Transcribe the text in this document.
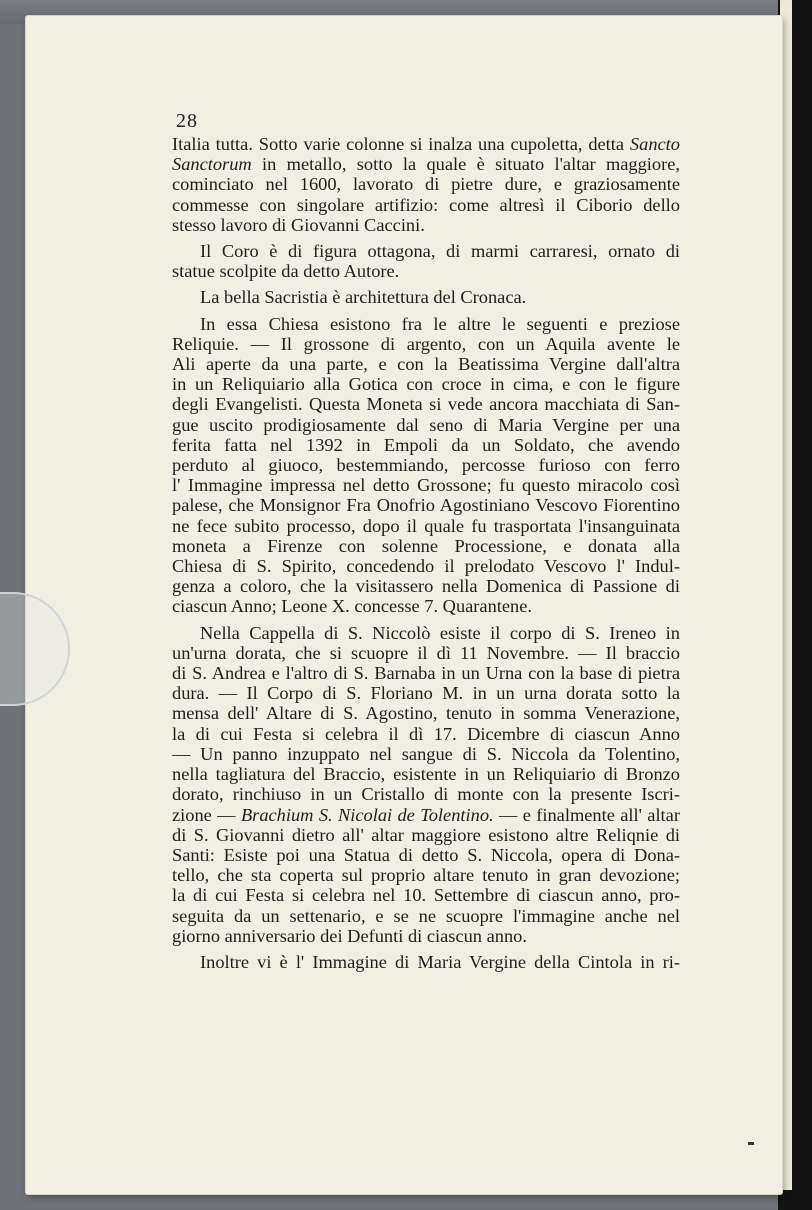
28
Italia tutta. Sotto varie colonne si inalza una cupoletta, detta Sancto
Sanctorum in metallo, sotto la quale è situato l'altar maggiore,
cominciato nel 1600, lavorato di pietre dure, e graziosamente
commesse con singolare artifizio: come altresì il Ciborio dello
stesso lavoro di Giovanni Caccini.
Il Coro è di figura ottagona, di marmi carraresi, ornato di
statue scolpite da detto Autore.
La bella Sacristia è architettura del Cronaca.
In essa Chiesa esistono fra le altre le seguenti e preziose
Reliquie. — Il grossone di argento, con un Aquila avente le
Ali aperte da una parte, e con la Beatissima Vergine dall'altra
in un Reliquiario alla Gotica con croce in cima, e con le figure
degli Evangelisti. Questa Moneta si vede ancora macchiata di San-
gue uscito prodigiosamente dal seno di Maria Vergine per una
ferita fatta nel 1392 in Empoli da un Soldato, che avendo
perduto al giuoco, bestemmiando, percosse furioso con ferro
l' Immagine impressa nel detto Grossone; fu questo miracolo così
palese, che Monsignor Fra Onofrio Agostiniano Vescovo Fiorentino
ne fece subito processo, dopo il quale fu trasportata l'insanguinata
moneta a Firenze con solenne Processione, e donata alla
Chiesa di S. Spirito, concedendo il prelodato Vescovo l' Indul-
genza a coloro, che la visitassero nella Domenica di Passione di
ciascun Anno; Leone X. concesse 7. Quarantene.
Nella Cappella di S. Niccolò esiste il corpo di S. Ireneo in
un'urna dorata, che si scuopre il dì 11 Novembre. — Il braccio
di S. Andrea e l'altro di S. Barnaba in un Urna con la base di pietra
dura. — Il Corpo di S. Floriano M. in un urna dorata sotto la
mensa dell' Altare di S. Agostino, tenuto in somma Venerazione,
la di cui Festa si celebra il dì 17. Dicembre di ciascun Anno
— Un panno inzuppato nel sangue di S. Niccola da Tolentino,
nella tagliatura del Braccio, esistente in un Reliquiario di Bronzo
dorato, rinchiuso in un Cristallo di monte con la presente Iscri-
zione — Brachium S. Nicolai de Tolentino. — e finalmente all' altar
di S. Giovanni dietro all' altar maggiore esistono altre Reliqnie di
Santi: Esiste poi una Statua di detto S. Niccola, opera di Dona-
tello, che sta coperta sul proprio altare tenuto in gran devozione;
la di cui Festa si celebra nel 10. Settembre di ciascun anno, pro-
seguita da un settenario, e se ne scuopre l'immagine anche nel
giorno anniversario dei Defunti di ciascun anno.
Inoltre vi è l' Immagine di Maria Vergine della Cintola in ri-
